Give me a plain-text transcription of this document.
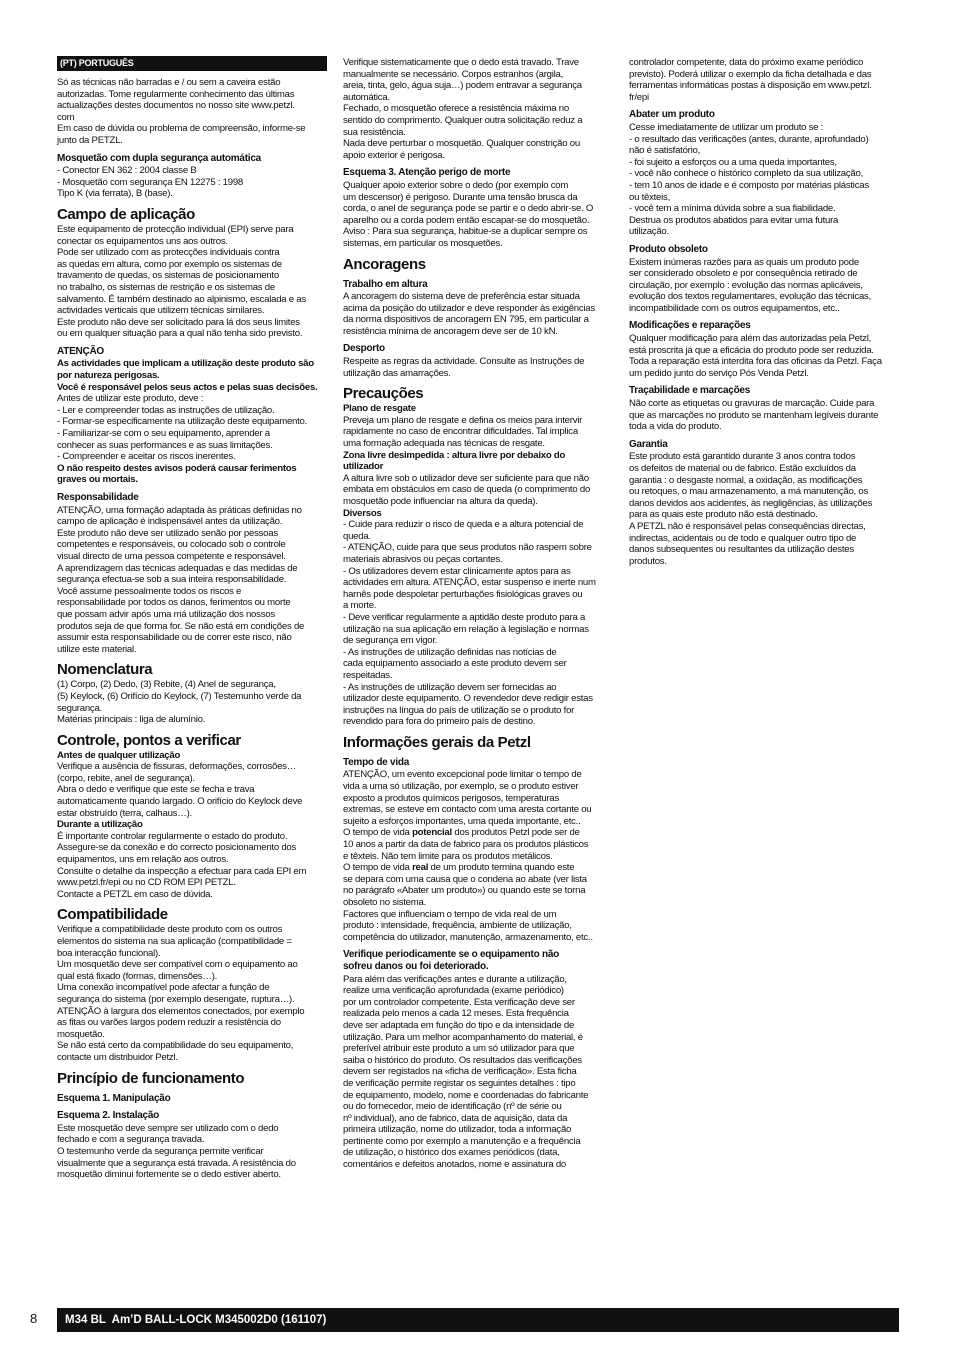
(PT) PORTUGUÊS

Só as técnicas não barradas e / ou sem a caveira estão
autorizadas. Tome regularmente conhecimento das últimas
actualizações destes documentos no nosso site www.petzl.
com
Em caso de dúvida ou problema de compreensão, informe-se
junto da PETZL.

Mosquetão com dupla segurança automática

- Conector EN 362 : 2004 classe B
- Mosquetão com segurança EN 12275 : 1998
Tipo K (via ferrata), B (base).

Campo de aplicação

Este equipamento de protecção individual (EPI) serve para
conectar os equipamentos uns aos outros.
Pode ser utilizado com as protecções individuais contra
as quedas em altura, como por exemplo os sistemas de
travamento de quedas, os sistemas de posicionamento
no trabalho, os sistemas de restrição e os sistemas de
salvamento. É também destinado ao alpinismo, escalada e as
actividades verticais que utilizem técnicas similares.
Este produto não deve ser solicitado para lá dos seus limites
ou em qualquer situação para a qual não tenha sido previsto.

ATENÇÃO

As actividades que implicam a utilização deste produto são
por natureza perigosas.
Você é responsável pelos seus actos e pelas suas decisões.

Antes de utilizar este produto, deve :
- Ler e compreender todas as instruções de utilização.
- Formar-se especificamente na utilização deste equipamento.
- Familiarizar-se com o seu equipamento, aprender a
conhecer as suas performances e as suas limitações.
- Compreender e aceitar os riscos inerentes.

O não respeito destes avisos poderá causar ferimentos
graves ou mortais.

Responsabilidade

ATENÇÃO, uma formação adaptada às práticas definidas no
campo de aplicação é indispensável antes da utilização.
Este produto não deve ser utilizado senão por pessoas
competentes e responsáveis, ou colocado sob o controle
visual directo de uma pessoa competente e responsável.
A aprendizagem das técnicas adequadas e das medidas de
segurança efectua-se sob a sua inteira responsabilidade.
Você assume pessoalmente todos os riscos e
responsabilidade por todos os danos, ferimentos ou morte
que possam advir após uma má utilização dos nossos
produtos seja de que forma for. Se não está em condições de
assumir esta responsabilidade ou de correr este risco, não
utilize este material.

Nomenclatura

(1) Corpo, (2) Dedo, (3) Rebite, (4) Anel de segurança,
(5) Keylock, (6) Orifício do Keylock, (7) Testemunho verde da
segurança.
Matérias principais : liga de alumínio.

Controle, pontos a verificar

Antes de qualquer utilização

Verifique a ausência de fissuras, deformações, corrosões…
(corpo, rebite, anel de segurança).
Abra o dedo e verifique que este se fecha e trava
automaticamente quando largado. O orifício do Keylock deve
estar obstruído (terra, calhaus…).

Durante a utilização

É importante controlar regularmente o estado do produto.
Assegure-se da conexão e do correcto posicionamento dos
equipamentos, uns em relação aos outros.
Consulte o detalhe da inspecção a efectuar para cada EPI em
www.petzl.fr/epi ou no CD ROM EPI PETZL.
Contacte a PETZL em caso de dúvida.

Compatibilidade

Verifique a compatibilidade deste produto com os outros
elementos do sistema na sua aplicação (compatibilidade =
boa interacção funcional).
Um mosquetão deve ser compatível com o equipamento ao
qual está fixado (formas, dimensões…).
Uma conexão incompatível pode afectar a função de
segurança do sistema (por exemplo desengate, ruptura…).
ATENÇÃO à largura dos elementos conectados, por exemplo
as fitas ou varões largos podem reduzir a resistência do
mosquetão.
Se não está certo da compatibilidade do seu equipamento,
contacte um distribuidor Petzl.

Princípio de funcionamento
Esquema 1. Manipulação
Esquema 2. Instalação

Este mosquetão deve sempre ser utilizado com o dedo
fechado e com a segurança travada.
O testemunho verde da segurança permite verificar
visualmente que a segurança está travada. A resistência do
mosquetão diminui fortemente se o dedo estiver aberto.

Verifique sistematicamente que o dedo está travado. Trave
manualmente se necessário. Corpos estranhos (argila,
areia, tinta, gelo, água suja…) podem entravar a segurança
automática.
Fechado, o mosquetão oferece a resistência máxima no
sentido do comprimento. Qualquer outra solicitação reduz a
sua resistência.
Nada deve perturbar o mosquetão. Qualquer constrição ou
apoio exterior é perigosa.

Esquema 3. Atenção perigo de morte

Qualquer apoio exterior sobre o dedo (por exemplo com
um descensor) é perigoso. Durante uma tensão brusca da
corda, o anel de segurança pode se partir e o dedo abrir-se. O
aparelho ou a corda podem então escapar-se do mosquetão.
Aviso : Para sua segurança, habitue-se a duplicar sempre os
sistemas, em particular os mosquetões.

Ancoragens
Trabalho em altura

A ancoragem do sistema deve de preferência estar situada
acima da posição do utilizador e deve responder às exigências
da norma dispositivos de ancoragem EN 795, em particular a
resistência mínima de ancoragem deve ser de 10 kN.

Desporto

Respeite as regras da actividade. Consulte as Instruções de
utilização das amarrações.

Precauções

Plano de resgate

Preveja um plano de resgate e defina os meios para intervir
rapidamente no caso de encontrar dificuldades. Tal implica
uma formação adequada nas técnicas de resgate.

Zona livre desimpedida : altura livre por debaixo do
utilizador

A altura livre sob o utilizador deve ser suficiente para que não
embata em obstáculos em caso de queda (o comprimento do
mosquetão pode influenciar na altura da queda).

Diversos

- Cuide para reduzir o risco de queda e a altura potencial de
queda.
- ATENÇÃO, cuide para que seus produtos não raspem sobre
materiais abrasivos ou peças cortantes.
- Os utilizadores devem estar clinicamente aptos para as
actividades em altura. ATENÇÃO, estar suspenso e inerte num
harnês pode despoletar perturbações fisiológicas graves ou
a morte.
- Deve verificar regularmente a aptidão deste produto para a
utilização na sua aplicação em relação à legislação e normas
de segurança em vigor.
- As instruções de utilização definidas nas notícias de
cada equipamento associado a este produto devem ser
respeitadas.
- As instruções de utilização devem ser fornecidas ao
utilizador deste equipamento. O revendedor deve redigir estas
instruções na língua do país de utilização se o produto for
revendido para fora do primeiro país de destino.

Informações gerais da Petzl
Tempo de vida

ATENÇÃO, um evento excepcional pode limitar o tempo de
vida a uma só utilização, por exemplo, se o produto estiver
exposto a produtos químicos perigosos, temperaturas
extremas, se esteve em contacto com uma aresta cortante ou
sujeito a esforços importantes, uma queda importante, etc..
O tempo de vida potencial dos produtos Petzl pode ser de
10 anos a partir da data de fabrico para os produtos plásticos
e têxteis. Não tem limite para os produtos metálicos.
O tempo de vida real de um produto termina quando este
se depara com uma causa que o condena ao abate (ver lista
no parágrafo «Abater um produto») ou quando este se torna
obsoleto no sistema.
Factores que influenciam o tempo de vida real de um
produto : intensidade, frequência, ambiente de utilização,
competência do utilizador, manutenção, armazenamento, etc..

Verifique periodicamente se o equipamento não
sofreu danos ou foi deteriorado.

Para além das verificações antes e durante a utilização,
realize uma verificação aprofundada (exame periódico)
por um controlador competente. Esta verificação deve ser
realizada pelo menos a cada 12 meses. Esta frequência
deve ser adaptada em função do tipo e da intensidade de
utilização. Para um melhor acompanhamento do material, é
preferível atribuir este produto a um só utilizador para que
saiba o histórico do produto. Os resultados das verificações
devem ser registados na «ficha de verificação». Esta ficha
de verificação permite registar os seguintes detalhes : tipo
de equipamento, modelo, nome e coordenadas do fabricante
ou do fornecedor, meio de identificação (nº de série ou
nº individual), ano de fabrico, data de aquisição, data da
primeira utilização, nome do utilizador, toda a informação
pertinente como por exemplo a manutenção e a frequência
de utilização, o histórico dos exames periódicos (data,
comentários e defeitos anotados, nome e assinatura do

controlador competente, data do próximo exame periódico
previsto). Poderá utilizar o exemplo da ficha detalhada e das
ferramentas informáticas postas à disposição em www.petzl.
fr/epi

Abater um produto

Cesse imediatamente de utilizar um produto se :
- o resultado das verificações (antes, durante, aprofundado)
não é satisfatório,
- foi sujeito a esforços ou a uma queda importantes,
- você não conhece o histórico completo da sua utilização,
- tem 10 anos de idade e é composto por matérias plásticas
ou têxteis,
- você tem a mínima dúvida sobre a sua fiabilidade.
Destrua os produtos abatidos para evitar uma futura
utilização.

Produto obsoleto

Existem inúmeras razões para as quais um produto pode
ser considerado obsoleto e por consequência retirado de
circulação, por exemplo : evolução das normas aplicáveis,
evolução dos textos regulamentares, evolução das técnicas,
incompatibilidade com os outros equipamentos, etc..

Modificações e reparações

Qualquer modificação para além das autorizadas pela Petzl,
está proscrita já que a eficácia do produto pode ser reduzida.
Toda a reparação está interdita fora das oficinas da Petzl. Faça
um pedido junto do serviço Pós Venda Petzl.

Traçabilidade e marcações

Não corte as etiquetas ou gravuras de marcação. Cuide para
que as marcações no produto se mantenham legíveis durante
toda a vida do produto.

Garantia

Este produto está garantido durante 3 anos contra todos
os defeitos de material ou de fabrico. Estão excluídos da
garantia : o desgaste normal, a oxidação, as modificações
ou retoques, o mau armazenamento, a má manutenção, os
danos devidos aos acidentes, às negligências, às utilizações
para as quais este produto não está destinado.
A PETZL não é responsável pelas consequências directas,
indirectas, acidentais ou de todo e qualquer outro tipo de
danos subsequentes ou resultantes da utilização destes
produtos.

8	M34 BL  Am’D BALL-LOCK M345002D0 (161107)
